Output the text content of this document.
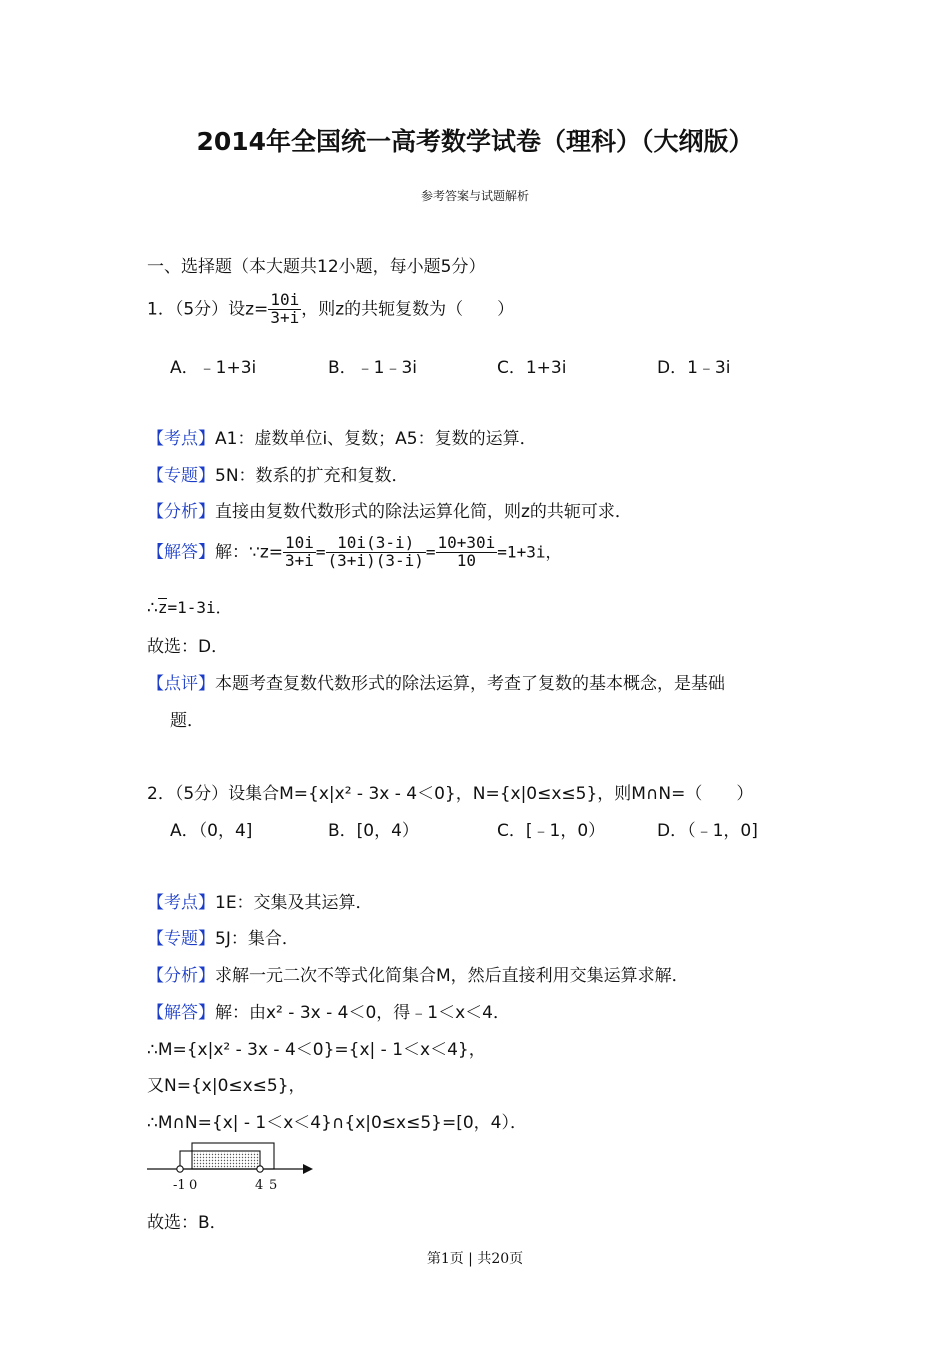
2014年全国统一高考数学试卷（理科）（大纲版）
参考答案与试题解析
一、选择题（本大题共12小题，每小题5分）
1．（5分）设$z= \frac{10i}{3+i}$ ，则z的共轭复数为（　　）
A．﹣1+3i	B．﹣1﹣3i	C．1+3i	D．1﹣3i
【考点】A1：虚数单位i、复数；A5：复数的运算．
【专题】5N：数系的扩充和复数．
【分析】直接由复数代数形式的除法运算化简，则z的共轭可求．
【解答】解：∵z= $\frac{10i}{3+i} = \frac{10i(3-i)}{(3+i)(3-i)} = \frac{10+30i}{10} =1+3i$，
∴z=1-3i．
故选：D．
【点评】本题考查复数代数形式的除法运算，考查了复数的基本概念，是基础
题．
2．（5分）设集合M={x|x² - 3x - 4＜0}，N={x|0≤x≤5}，则M∩N=（　　）
A．（0，4]	B．[0，4）	C．[﹣1，0）	D．（﹣1，0]
【考点】1E：交集及其运算．
【专题】5J：集合．
【分析】求解一元二次不等式化简集合M，然后直接利用交集运算求解．
【解答】解：由x² - 3x - 4＜0，得﹣1＜x＜4．
∴M={x|x² - 3x - 4＜0}={x| - 1＜x＜4}，
又N={x|0≤x≤5}，
∴M∩N={x| - 1＜x＜4}∩{x|0≤x≤5}=[0，4）．
-1 0	4 5
故选：B．
第1页 | 共20页
